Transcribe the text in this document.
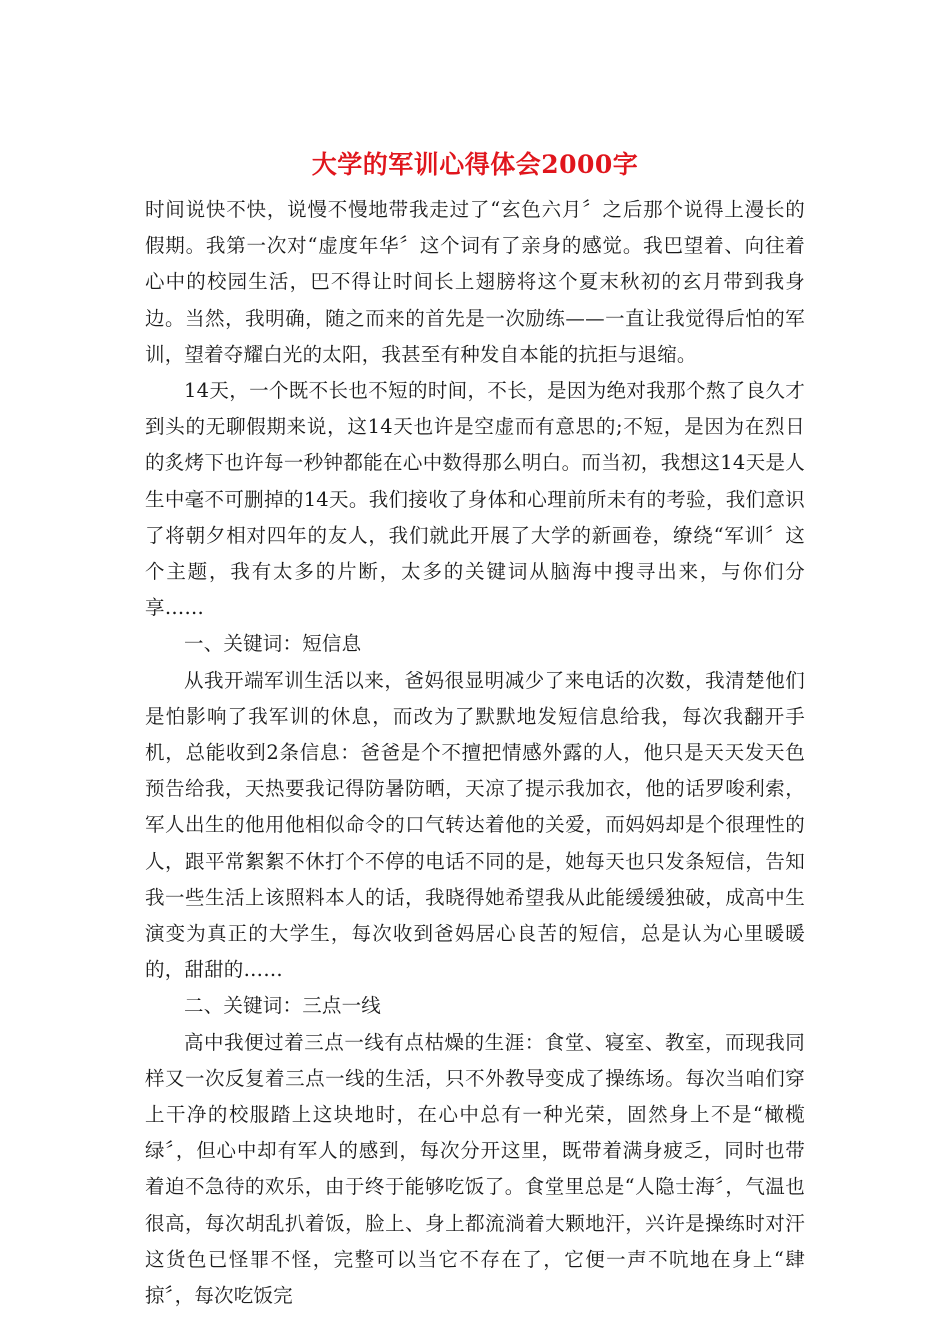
大学的军训心得体会2000字

时间说快不快，说慢不慢地带我走过了“玄色六月〞之后那个说得上漫长的假期。我第一次对“虚度年华〞这个词有了亲身的感觉。我巴望着、向往着心中的校园生活，巴不得让时间长上翅膀将这个夏末秋初的玄月带到我身边。当然，我明确，随之而来的首先是一次励练——一直让我觉得后怕的军训，望着夺耀白光的太阳，我甚至有种发自本能的抗拒与退缩。

14天，一个既不长也不短的时间，不长，是因为绝对我那个熬了良久才到头的无聊假期来说，这14天也许是空虚而有意思的;不短，是因为在烈日的炙烤下也许每一秒钟都能在心中数得那么明白。而当初，我想这14天是人生中毫不可删掉的14天。我们接收了身体和心理前所未有的考验，我们意识了将朝夕相对四年的友人，我们就此开展了大学的新画卷，缭绕“军训〞这个主题，我有太多的片断，太多的关键词从脑海中搜寻出来，与你们分享……

一、关键词：短信息

从我开端军训生活以来，爸妈很显明减少了来电话的次数，我清楚他们是怕影响了我军训的休息，而改为了默默地发短信息给我，每次我翻开手机，总能收到2条信息：爸爸是个不擅把情感外露的人，他只是天天发天色预告给我，天热要我记得防暑防晒，天凉了提示我加衣，他的话罗唆利索，军人出生的他用他相似命令的口气转达着他的关爱，而妈妈却是个很理性的人，跟平常絮絮不休打个不停的电话不同的是，她每天也只发条短信，告知我一些生活上该照料本人的话，我晓得她希望我从此能缓缓独破，成高中生演变为真正的大学生，每次收到爸妈居心良苦的短信，总是认为心里暖暖的，甜甜的……

二、关键词：三点一线

高中我便过着三点一线有点枯燥的生涯：食堂、寝室、教室，而现我同样又一次反复着三点一线的生活，只不外教导变成了操练场。每次当咱们穿上干净的校服踏上这块地时，在心中总有一种光荣，固然身上不是“橄榄绿〞，但心中却有军人的感到，每次分开这里，既带着满身疲乏，同时也带着迫不急待的欢乐，由于终于能够吃饭了。食堂里总是“人隐士海〞，气温也很高，每次胡乱扒着饭，脸上、身上都流淌着大颗地汗，兴许是操练时对汗这货色已怪罪不怪，完整可以当它不存在了，它便一声不吭地在身上“肆掠〞，每次吃饭完
